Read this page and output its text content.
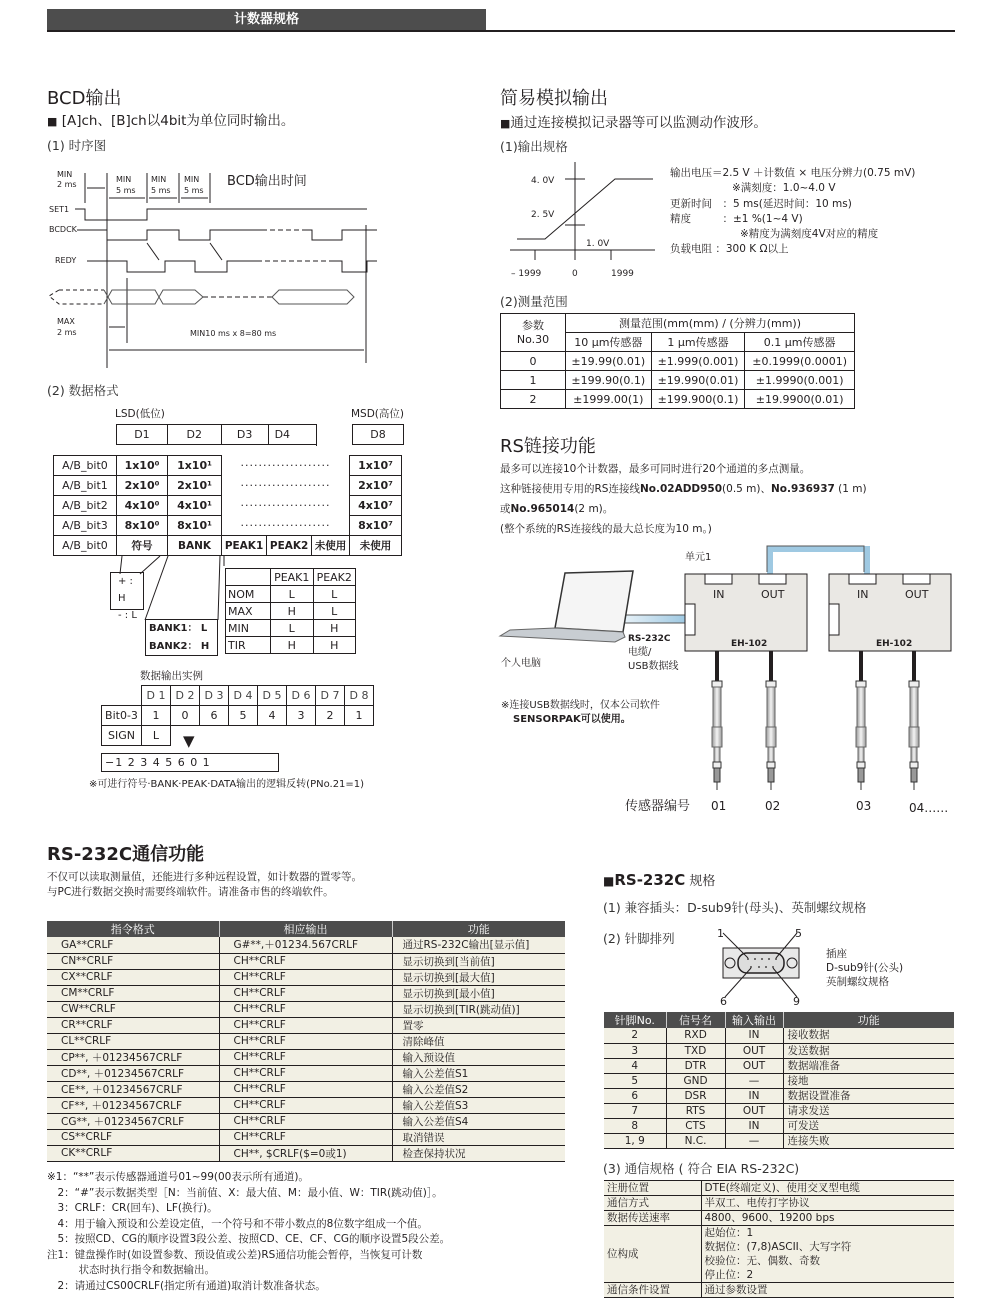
计数器规格
BCD输出
■ [A]ch、[B]ch以4bit为单位同时输出。
(1) 时序图
MIN
2 ms
MIN
5 ms
MIN
5 ms
MIN
5 ms
SET1
BCDCK
REDY
MAX
2 ms	MIN10 ms x 8=80 ms
BCD输出时间
(2) 数据格式
LSD(低位)	MSD(高位)
D1	D2	D3	D4	D8
A/B_bit0	1x10⁰	1x10¹	····················			1x10⁷
A/B_bit1	2x10⁰	2x10¹	····················			2x10⁷
A/B_bit2	4x10⁰	4x10¹	····················			4x10⁷
A/B_bit3	8x10⁰	8x10¹	····················			8x10⁷
A/B_bit0	符号	BANK	PEAK1	PEAK2	未使用	未使用
+ : H
- : L
BANK1： L
BANK2： H
	PEAK1	PEAK2
NOM	L	L
MAX	H	L
MIN	L	H
TIR	H	H
数据输出实例
	D 1	D 2	D 3	D 4	D 5	D 6	D 7	D 8
Bit0-3	1	0	6	5	4	3	2	1
SIGN	L							▼
−1 2 3 4 5 6 0 1
※可进行符号·BANK·PEAK·DATA输出的逻辑反转(PNo.21=1)
简易模拟输出
■通过连接模拟记录器等可以监测动作波形。
(1)输出规格
4. 0V
2. 5V
1. 0V
– 1999	0	1999
输出电压＝2.5 V ＋计数值 × 电压分辨力(0.75 mV)
※满刻度：1.0~4.0 V
更新时间　：5 ms(延迟时间：10 ms)
精度　　　：±1 %(1~4 V)
※精度为满刻度4V对应的精度
负载电阻 ：300 K Ω以上
(2)测量范围
参数
No.30	测量范围(mm(mm) / (分辨力(mm))		
	10 μm传感器	1 μm传感器	0.1 μm传感器
0	±19.99(0.01)	±1.999(0.001)	±0.1999(0.0001)
1	±199.90(0.1)	±19.990(0.01)	±1.9990(0.001)
2	±1999.00(1)	±199.900(0.1)	±19.9900(0.01)
RS链接功能
最多可以连接10个计数器，最多可同时进行20个通道的多点测量。
这种链接使用专用的RS连接线No.02ADD950(0.5 m)、No.936937 (1 m)
或No.965014(2 m)。
(整个系统的RS连接线的最大总长度为10 m。)
单元1
IN	OUT	IN	OUT
EH-102	EH-102
个人电脑
RS-232C
电缆/
USB数据线
※连接USB数据线时，仅本公司软件
SENSORPAK可以使用。
传感器编号 01	02	03	04……
RS-232C通信功能
不仅可以读取测量值，还能进行多种远程设置，如计数器的置零等。
与PC进行数据交换时需要终端软件。请准备市售的终端软件。
指令格式	相应输出	功能
GA**CRLF	G#**,＋01234.567CRLF	通过RS-232C输出[显示值]
CN**CRLF	CH**CRLF	显示切换到[当前值]
CX**CRLF	CH**CRLF	显示切换到[最大值]
CM**CRLF	CH**CRLF	显示切换到[最小值]
CW**CRLF	CH**CRLF	显示切换到[TIR(跳动值)]
CR**CRLF	CH**CRLF	置零
CL**CRLF	CH**CRLF	清除峰值
CP**, ＋01234567CRLF	CH**CRLF	输入预设值
CD**, ＋01234567CRLF	CH**CRLF	输入公差值S1
CE**, ＋01234567CRLF	CH**CRLF	输入公差值S2
CF**, ＋01234567CRLF	CH**CRLF	输入公差值S3
CG**, ＋01234567CRLF	CH**CRLF	输入公差值S4
CS**CRLF	CH**CRLF	取消错误
CK**CRLF	CH**, $CRLF($=0或1)	检查保持状况
※1：“**”表示传感器通道号01~99(00表示所有通道)。
　2：“#”表示数据类型［N：当前值、X：最大值、M：最小值、W：TIR(跳动值)］。
　3：CRLF：CR(回车)、LF(换行)。
　4：用于输入预设和公差设定值，一个符号和不带小数点的8位数字组成一个值。
　5：按照CD、CG的顺序设置3段公差、按照CD、CE、CF、CG的顺序设置5段公差。
注1：键盘操作时(如设置参数、预设值或公差)RS通信功能会暂停，当恢复可计数
　　　状态时执行指令和数据输出。
　2：请通过CS00CRLF(指定所有通道)取消计数准备状态。
■RS-232C 规格
(1) 兼容插头：D-sub9针(母头)、英制螺纹规格
(2) 针脚排列	1	5
6	9
插座
D-sub9针(公头)
英制螺纹规格
针脚No.	信号名	输入输出	功能
2	RXD	IN	接收数据
3	TXD	OUT	发送数据
4	DTR	OUT	数据端准备
5	GND	—	接地
6	DSR	IN	数据设置准备
7	RTS	OUT	请求发送
8	CTS	IN	可发送
1, 9	N.C.	—	连接失败
(3) 通信规格 ( 符合 EIA RS-232C)
注册位置	DTE(终端定义)、使用交叉型电缆

通信方式	半双工、电传打字协议

数据传送速率	4800、9600、19200 bps

位构成	起始位：1
数据位：(7,8)ASCII、大写字符
校验位：无、偶数、奇数
停止位：2

通信条件设置	通过参数设置
